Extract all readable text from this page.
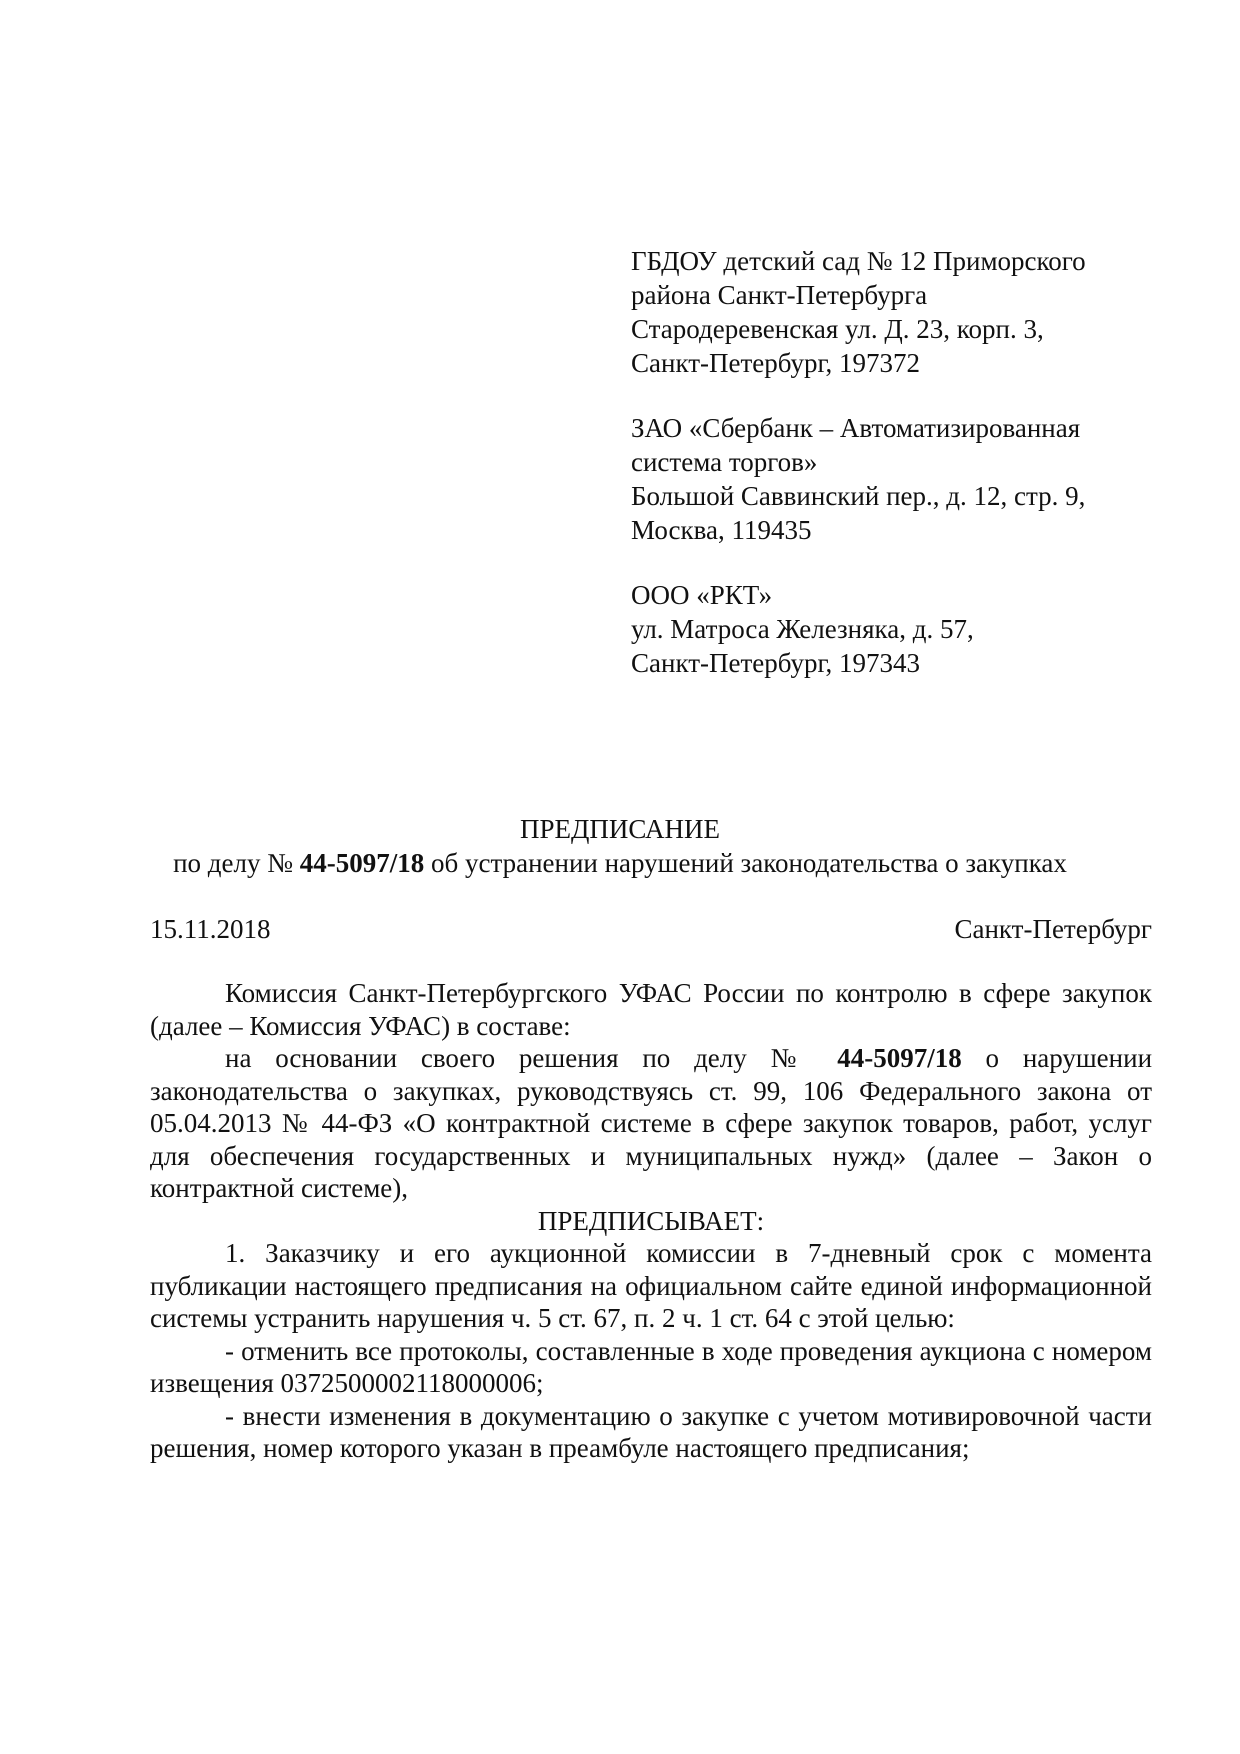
ГБДОУ детский сад № 12 Приморского
района Санкт-Петербурга
Стародеревенская ул. Д. 23, корп. 3,
Санкт-Петербург, 197372
ЗАО «Сбербанк – Автоматизированная
система торгов»
Большой Саввинский пер., д. 12, стр. 9,
Москва, 119435
ООО «РКТ»
ул. Матроса Железняка, д. 57,
Санкт-Петербург, 197343
ПРЕДПИСАНИЕ
по делу № 44-5097/18 об устранении нарушений законодательства о закупках
15.11.2018	Санкт-Петербург

Комиссия Санкт-Петербургского УФАС России по контролю в сфере закупок (далее – Комиссия УФАС) в составе:

на основании своего решения по делу № 44-5097/18 о нарушении законодательства о закупках, руководствуясь ст. 99, 106 Федерального закона от 05.04.2013 № 44-ФЗ «О контрактной системе в сфере закупок товаров, работ, услуг для обеспечения государственных и муниципальных нужд» (далее – Закон о контрактной системе),

ПРЕДПИСЫВАЕТ:

1. Заказчику и его аукционной комиссии в 7-дневный срок с момента публикации настоящего предписания на официальном сайте единой информационной системы устранить нарушения ч. 5 ст. 67, п. 2 ч. 1 ст. 64 с этой целью:

- отменить все протоколы, составленные в ходе проведения аукциона с номером извещения 0372500002118000006;

- внести изменения в документацию о закупке с учетом мотивировочной части решения, номер которого указан в преамбуле настоящего предписания;
